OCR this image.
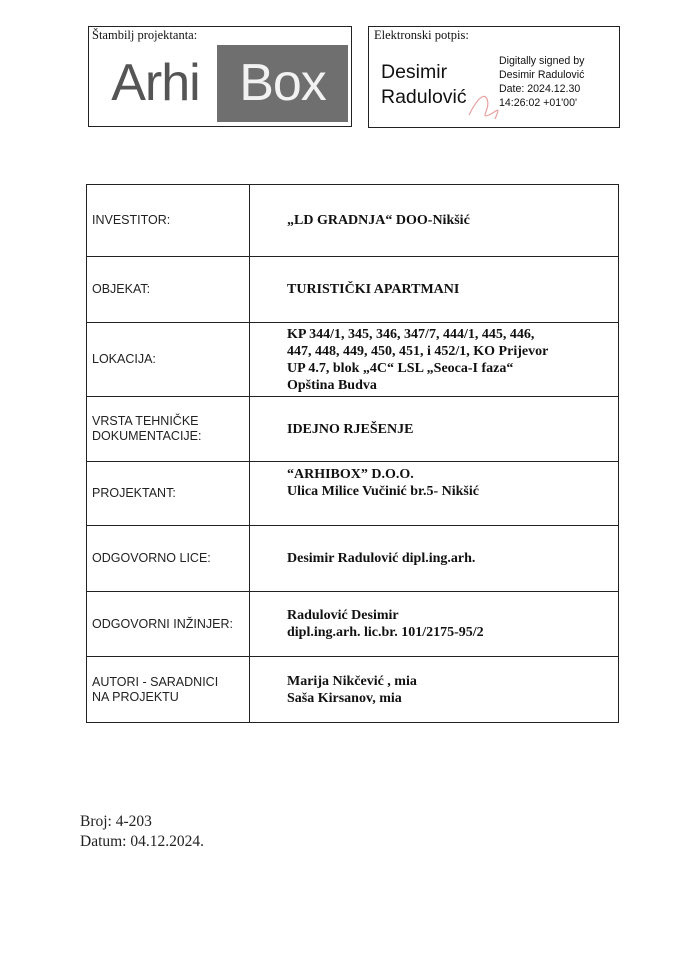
Štambilj projektanta:
Arhi Box
Elektronski potpis:
Desimir
Radulović
Digitally signed by
Desimir Radulović
Date: 2024.12.30
14:26:02 +01'00'
INVESTITOR:	„LD GRADNJA“ DOO-Nikšić

OBJEKAT:	TURISTIČKI APARTMANI

LOKACIJA:	KP 344/1, 345, 346, 347/7, 444/1, 445, 446,
447, 448, 449, 450, 451, i 452/1, KO Prijevor
UP 4.7, blok „4C“ LSL „Seoca-I faza“
Opština Budva

VRSTA TEHNIČKE
DOKUMENTACIJE:	IDEJNO RJEŠENJE

PROJEKTANT:	“ARHIBOX” D.O.O.
Ulica Milice Vučinić br.5- Nikšić

ODGOVORNO LICE:	Desimir Radulović dipl.ing.arh.

ODGOVORNI INŽINJER:	Radulović Desimir
dipl.ing.arh. lic.br. 101/2175-95/2

AUTORI - SARADNICI
NA PROJEKTU	Marija Nikčević , mia
Saša Kirsanov, mia
Broj: 4-203
Datum: 04.12.2024.
